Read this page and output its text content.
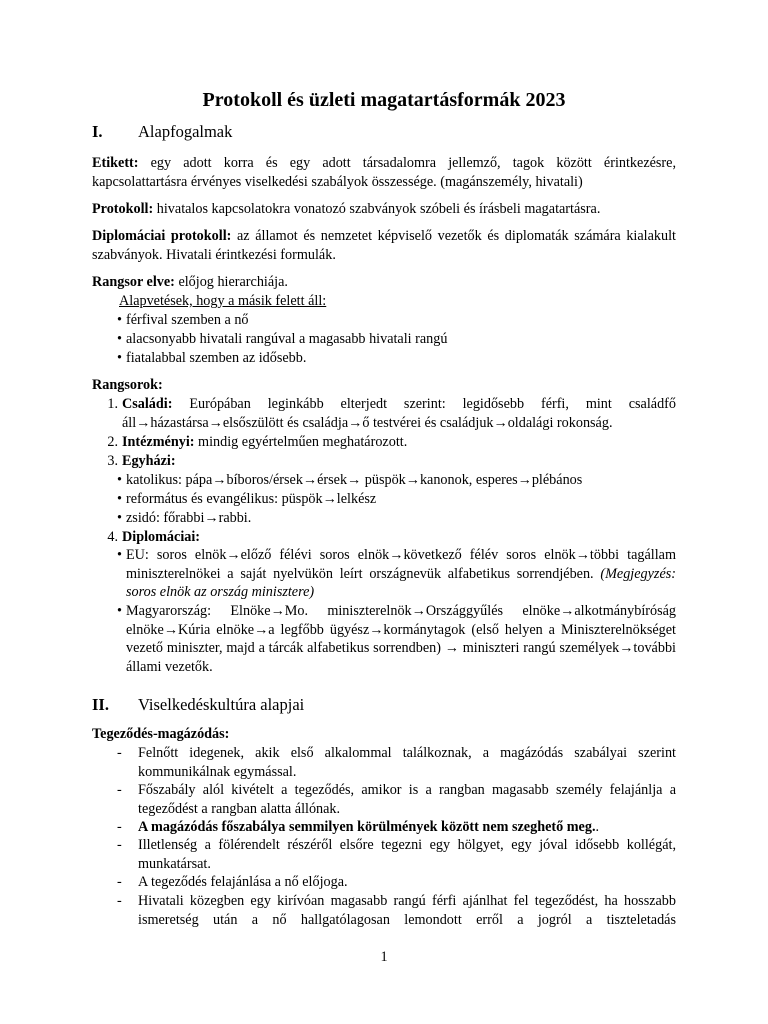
Protokoll és üzleti magatartásformák 2023
I. Alapfogalmak

Etikett: egy adott korra és egy adott társadalomra jellemző, tagok között érintkezésre, kapcsolattartásra érvényes viselkedési szabályok összessége. (magánszemély, hivatali)

Protokoll: hivatalos kapcsolatokra vonatozó szabványok szóbeli és írásbeli magatartásra.

Diplomáciai protokoll: az államot és nemzetet képviselő vezetők és diplomaták számára kialakult szabványok. Hivatali érintkezési formulák.

Rangsor elve: előjog hierarchiája.

Alapvetések, hogy a másik felett áll:

• férfival szemben a nő
• alacsonyabb hivatali rangúval a magasabb hivatali rangú
• fiatalabbal szemben az idősebb.

Rangsorok:

1. Családi: Európában leginkább elterjedt szerint: legidősebb férfi, mint családfő áll→házastársa→elsőszülött és családja→ő testvérei és családjuk→oldalági rokonság.

2. Intézményi: mindig egyértelműen meghatározott.

3. Egyházi:

• katolikus: pápa→bíboros/érsek→érsek→ püspök→kanonok, esperes→plébános
• református és evangélikus: püspök→lelkész
• zsidó: főrabbi→rabbi.
4. Diplomáciai:

• EU: soros elnök→előző félévi soros elnök→következő félév soros elnök→többi tagállam miniszterelnökei a saját nyelvükön leírt országnevük alfabetikus sorrendjében. (Megjegyzés: soros elnök az ország minisztere)

• Magyarország: Elnöke→Mo. miniszterelnök→Országgyűlés elnöke→alkotmánybíróság elnöke→Kúria elnöke→a legfőbb ügyész→kormánytagok (első helyen a Miniszterelnökséget vezető miniszter, majd a tárcák alfabetikus sorrendben) → miniszteri rangú személyek→további állami vezetők.

II. Viselkedéskultúra alapjai

Tegeződés-magázódás:

- Felnőtt idegenek, akik első alkalommal találkoznak, a magázódás szabályai szerint kommunikálnak egymással.

- Főszabály alól kivételt a tegeződés, amikor is a rangban magasabb személy felajánlja a tegeződést a rangban alatta állónak.

- A magázódás főszabálya semmilyen körülmények között nem szeghető meg..

- Illetlenség a fölérendelt részéről elsőre tegezni egy hölgyet, egy jóval idősebb kollégát, munkatársat.

- A tegeződés felajánlása a nő előjoga.

- Hivatali közegben egy kirívóan magasabb rangú férfi ajánlhat fel tegeződést, ha hosszabb ismeretség után a nő hallgatólagosan lemondott erről a jogról a tiszteletadás

1
